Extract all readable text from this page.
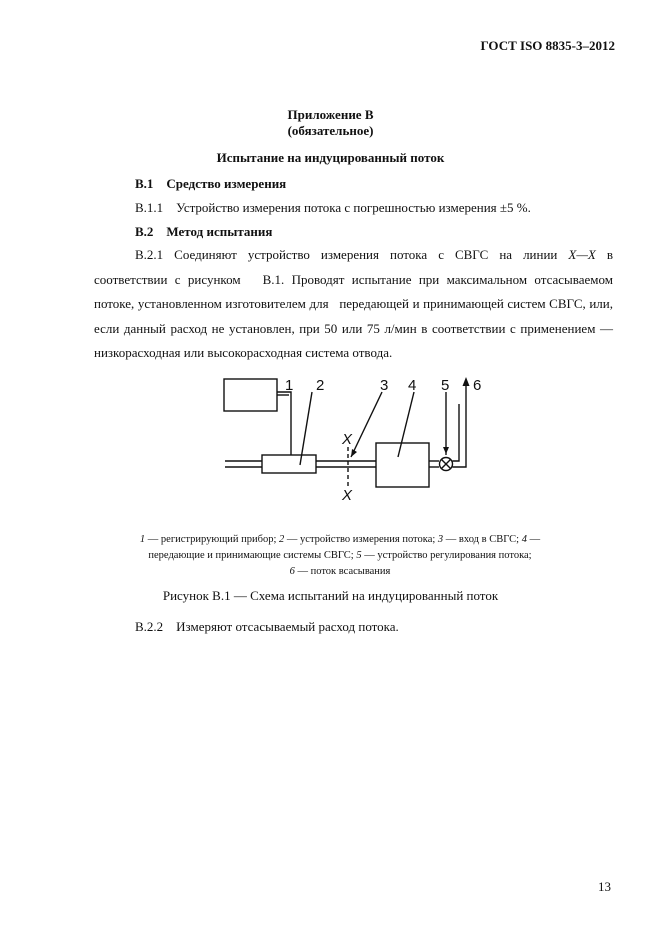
ГОСТ ISO 8835-3–2012
Приложение В
(обязательное)
Испытание на индуцированный поток
В.1    Средство измерения
В.1.1    Устройство измерения потока с погрешностью измерения ±5 %.
В.2    Метод испытания
В.2.1  Соединяют  устройство  измерения  потока  с  СВГС  на  линии  X—X  в соответствии с рисунком   В.1. Проводят испытание при максимальном отсасываемом потоке, установленном изготовителем для   передающей и принимающей систем СВГС, или, если данный расход не установлен, при 50 или 75 л/мин в соответствии с применением — низкорасходная или высокорасходная система отвода.
1 2	3 4 5 6
X
X
1 — регистрирующий прибор; 2 — устройство измерения потока; 3 — вход в СВГС; 4 — передающие и принимающие системы СВГС; 5 — устройство регулирования потока;
6 — поток всасывания
Рисунок В.1 — Схема испытаний на индуцированный поток
В.2.2    Измеряют отсасываемый расход потока.
13
